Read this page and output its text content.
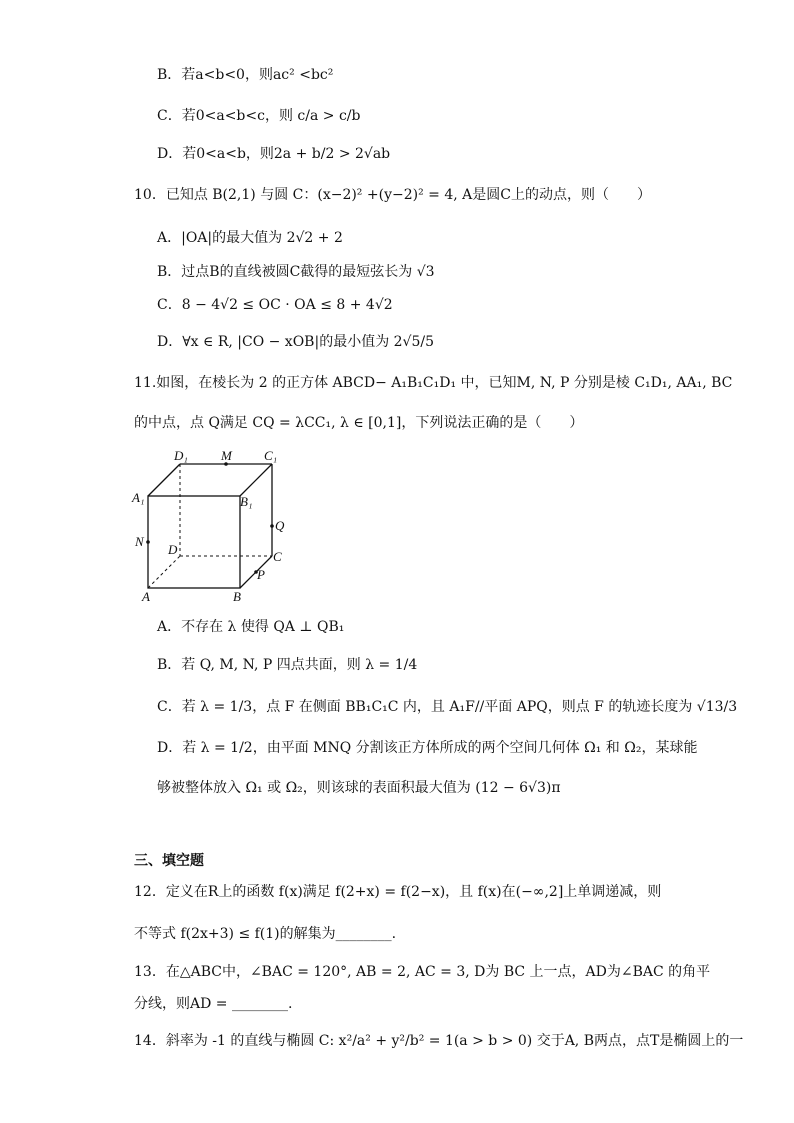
B．若a<b<0，则ac² <bc²
C．若0<a<b<c，则 c/a > c/b
D．若0<a<b，则2a + b/2 > 2√ab
10．已知点 B(2,1) 与圆 C：(x−2)² +(y−2)² = 4, A是圆C上的动点，则（　　）
A．|OA|的最大值为 2√2 + 2
B．过点B的直线被圆C截得的最短弦长为 √3
C．8 − 4√2 ≤ OC · OA ≤ 8 + 4√2
D．∀x ∈ R, |CO − xOB|的最小值为 2√5/5
11.如图，在棱长为 2 的正方体 ABCD− A₁B₁C₁D₁ 中，已知M, N, P 分别是棱 C₁D₁, AA₁, BC
的中点，点 Q满足 CQ = λCC₁, λ ∈ [0,1]，下列说法正确的是（　　）
D₁	M C₁
A₁	B₁
Q
N
D	C
P
A	B
A．不存在 λ 使得 QA ⊥ QB₁
B．若 Q, M, N, P 四点共面，则 λ = 1/4
C．若 λ = 1/3，点 F 在侧面 BB₁C₁C 内，且 A₁F//平面 APQ，则点 F 的轨迹长度为 √13/3
D．若 λ = 1/2，由平面 MNQ 分割该正方体所成的两个空间几何体 Ω₁ 和 Ω₂，某球能
够被整体放入 Ω₁ 或 Ω₂，则该球的表面积最大值为 (12 − 6√3)π
三、填空题
12．定义在R上的函数 f(x)满足 f(2+x) = f(2−x)，且 f(x)在(−∞,2]上单调递减，则
不等式 f(2x+3) ≤ f(1)的解集为________.
13．在△ABC中，∠BAC = 120°, AB = 2, AC = 3, D为 BC 上一点，AD为∠BAC 的角平
分线，则AD = ________.
14．斜率为 -1 的直线与椭圆 C: x²/a² + y²/b² = 1(a > b > 0) 交于A, B两点，点T是椭圆上的一
